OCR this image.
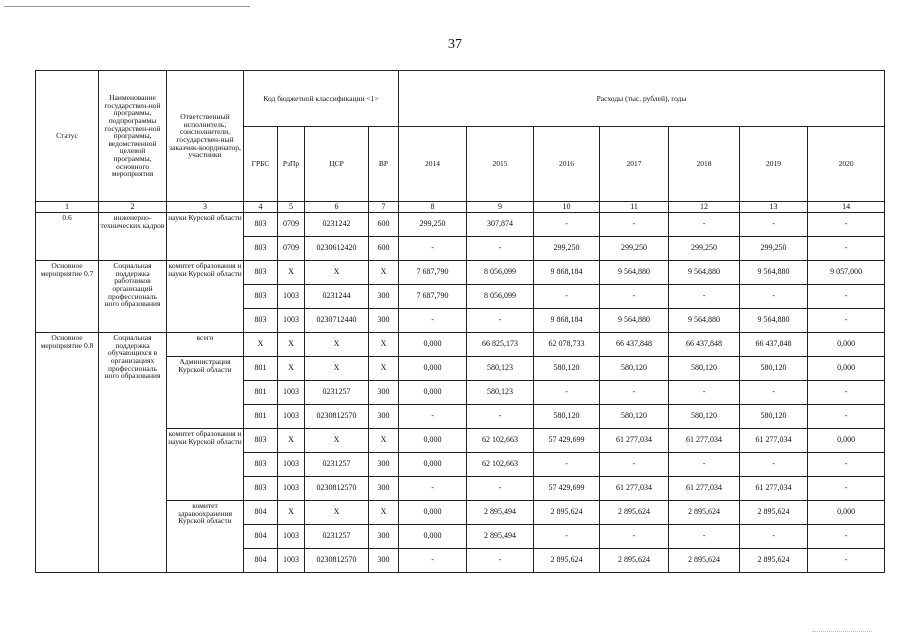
37
Статус	Наименование государствен-ной программы, подпрограммы государствен-ной программы, ведомственной целевой программы, основного мероприятия	Ответственный исполнитель, соисполнители, государствен-ный заказчик-координатор, участники	Код бюджетной классификации <1>				Расходы (тыс. рублей), годы						
			ГРБС	РзПр	ЦСР	ВР	2014	2015	2016	2017	2018	2019	2020
1	2	3	4	5	6	7	8	9	10	11	12	13	14
0.6	инженерно-технических кадров	науки Курской области	803	0709	0231242	600	299,250	307,874	-	-	-	-	-
			803	0709	0230612420	600	-	-	299,250	299,250	299,250	299,250	-
Основное мероприятие 0.7	Социальная поддержка работников организаций профессиональ ного образования	комитет образования и науки Курской области	803	Х	Х	Х	7 687,790	8 056,099	9 868,184	9 564,880	9 564,880	9 564,880	9 057,000
			803	1003	0231244	300	7 687,790	8 056,099	-	-	-	-	-
			803	1003	0230712440	300	-	-	9 868,184	9 564,880	9 564,880	9 564,880	-
Основное мероприятие 0.8	Социальная поддержка обучающихся в организациях профессиональ ного образования	всего	Х	Х	Х	Х	0,000	66 825,173	62 078,733	66 437,848	66 437,848	66 437,848	0,000
		Администрация Курской области	801	Х	Х	Х	0,000	580,123	580,120	580,120	580,120	580,120	0,000
			801	1003	0231257	300	0,000	580,123	-	-	-	-	-
			801	1003	0230812570	300	-	-	580,120	580,120	580,120	580,120	-
		комитет образования и науки Курской области	803	Х	Х	Х	0,000	62 102,663	57 429,699	61 277,034	61 277,034	61 277,034	0,000
			803	1003	0231257	300	0,000	62 102,663	-	-	-	-	-
			803	1003	0230812570	300	-	-	57 429,699	61 277,034	61 277,034	61 277,034	-
		комитет здравоохранения Курской области	804	Х	Х	Х	0,000	2 895,494	2 895,624	2 895,624	2 895,624	2 895,624	0,000
			804	1003	0231257	300	0,000	2 895,494	-	-	-	-	-
			804	1003	0230812570	300	-	-	2 895,624	2 895,624	2 895,624	2 895,624	-
